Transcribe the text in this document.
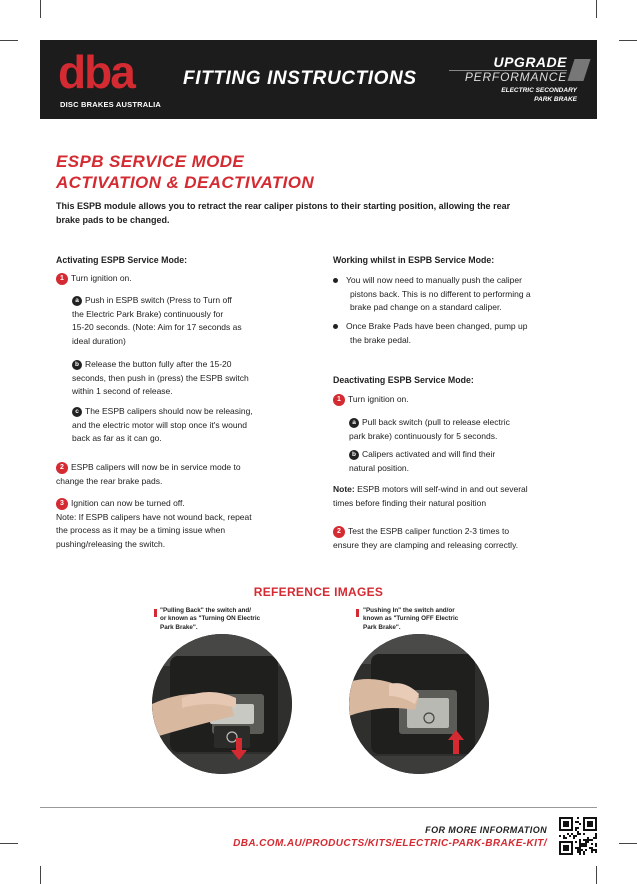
dba
DISC BRAKES AUSTRALIA
FITTING INSTRUCTIONS
UPGRADE
PERFORMANCE
ELECTRIC SECONDARY
PARK BRAKE
ESPB SERVICE MODE
ACTIVATION & DEACTIVATION
This ESPB module allows you to retract the rear caliper pistons to their starting position, allowing the rear brake pads to be changed.
Activating ESPB Service Mode:
1 Turn ignition on.
a Push in ESPB switch (Press to Turn off
the Electric Park Brake) continuously for
15-20 seconds. (Note: Aim for 17 seconds as
ideal duration)
b Release the button fully after the 15-20
seconds, then push in (press) the ESPB switch
within 1 second of release.
c The ESPB calipers should now be releasing,
and the electric motor will stop once it's wound
back as far as it can go.
2 ESPB calipers will now be in service mode to
change the rear brake pads.
3 Ignition can now be turned off.
Note: If ESPB calipers have not wound back, repeat
the process as it may be a timing issue when
pushing/releasing the switch.
Working whilst in ESPB Service Mode:
You will now need to manually push the caliper
pistons back. This is no different to performing a
brake pad change on a standard caliper.
Once Brake Pads have been changed, pump up
the brake pedal.
Deactivating ESPB Service Mode:
1 Turn ignition on.
a Pull back switch (pull to release electric
park brake) continuously for 5 seconds.
b Calipers activated and will find their
natural position.
Note: ESPB motors will self-wind in and out several
times before finding their natural position
2 Test the ESPB caliper function 2-3 times to
ensure they are clamping and releasing correctly.
REFERENCE IMAGES
"Pulling Back" the switch and/
or known as "Turning ON Electric
Park Brake".
"Pushing In" the switch and/or
known as "Turning OFF Electric
Park Brake".
FOR MORE INFORMATION
DBA.COM.AU/PRODUCTS/KITS/ELECTRIC-PARK-BRAKE-KIT/
